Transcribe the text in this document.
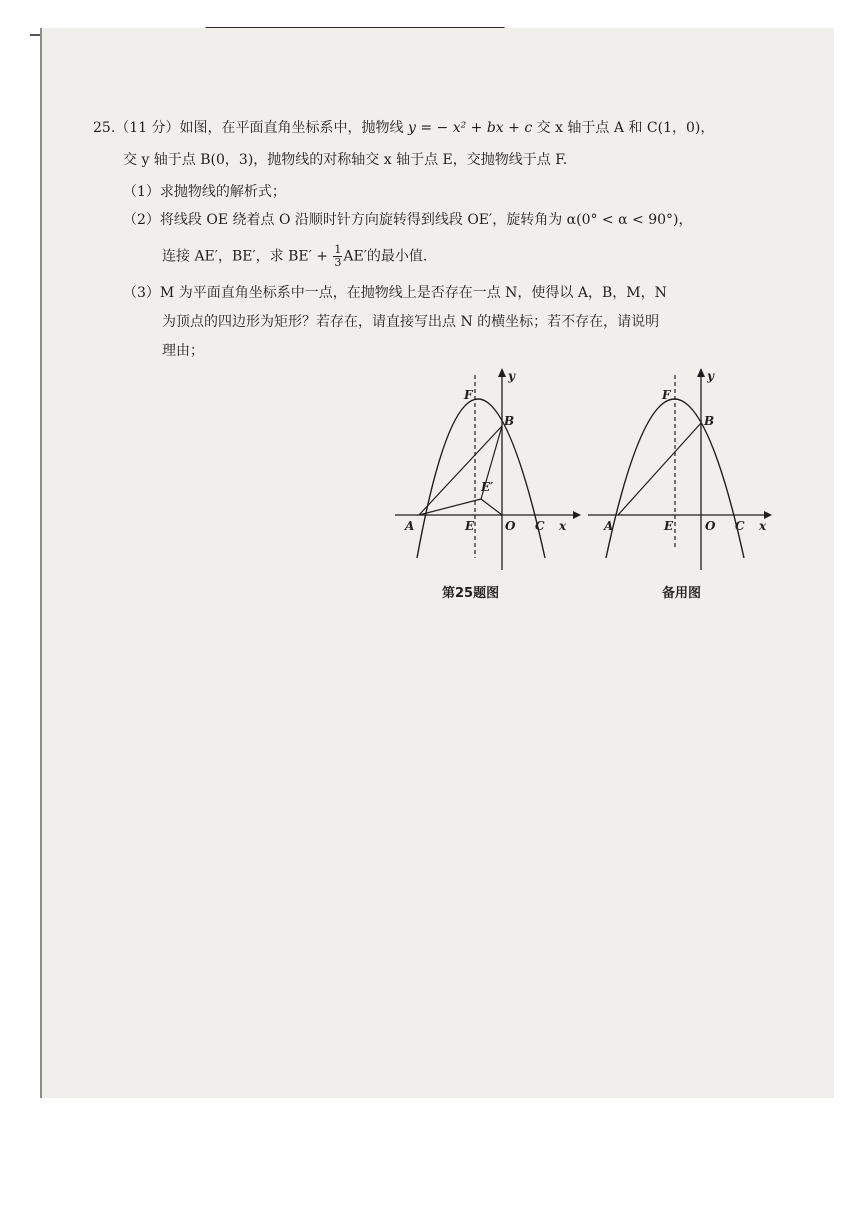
25.（11 分）如图，在平面直角坐标系中，抛物线 y = − x² + bx + c 交 x 轴于点 A 和 C(1，0)，
交 y 轴于点 B(0，3)，抛物线的对称轴交 x 轴于点 E，交抛物线于点 F.
（1）求抛物线的解析式；
（2）将线段 OE 绕着点 O 沿顺时针方向旋转得到线段 OE′，旋转角为 α(0° < α < 90°)，
连接 AE′，BE′，求 $BE' + \frac{1}{3} AE'$的最小值.
（3）M 为平面直角坐标系中一点，在抛物线上是否存在一点 N，使得以 A，B，M，N
为顶点的四边形为矩形？若存在，请直接写出点 N 的横坐标；若不存在，请说明
理由；
F
B
E′
A	E	O C x
y
第25题图
F
B
A	E	O C x
y
备用图
